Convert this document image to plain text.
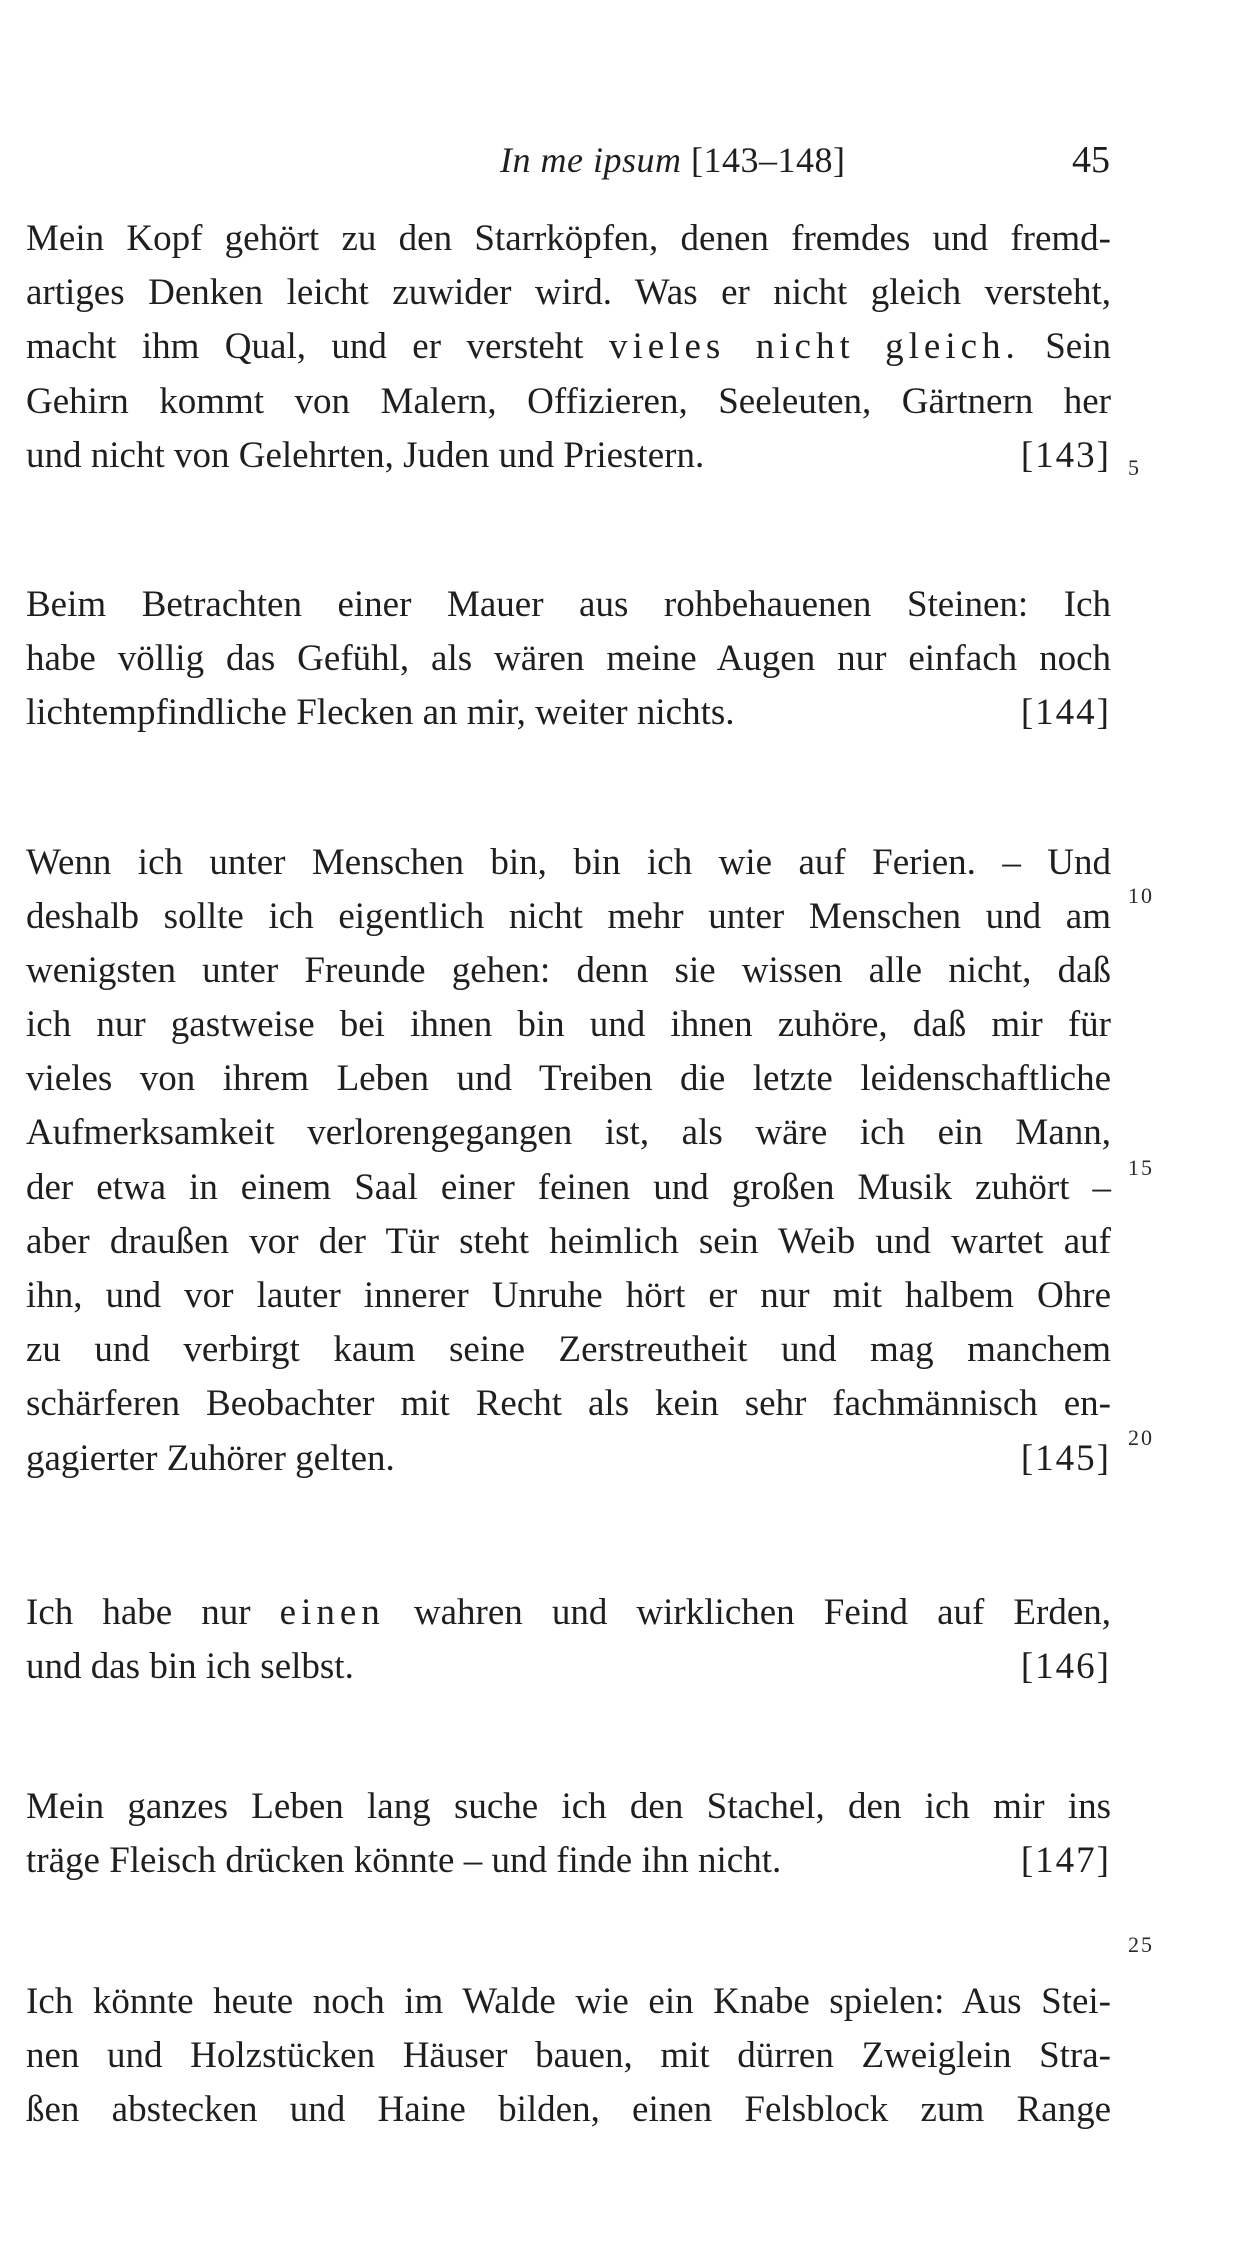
In me ipsum [143–148]	45
Mein Kopf gehört zu den Starrköpfen, denen fremdes und fremd-
artiges Denken leicht zuwider wird. Was er nicht gleich versteht,
macht ihm Qual, und er versteht vieles nicht gleich. Sein
Gehirn kommt von Malern, Offizieren, Seeleuten, Gärtnern her
und nicht von Gelehrten, Juden und Priestern.	[143]
Beim Betrachten einer Mauer aus rohbehauenen Steinen: Ich
habe völlig das Gefühl, als wären meine Augen nur einfach noch
lichtempfindliche Flecken an mir, weiter nichts.	[144]
Wenn ich unter Menschen bin, bin ich wie auf Ferien. – Und
deshalb sollte ich eigentlich nicht mehr unter Menschen und am
wenigsten unter Freunde gehen: denn sie wissen alle nicht, daß
ich nur gastweise bei ihnen bin und ihnen zuhöre, daß mir für
vieles von ihrem Leben und Treiben die letzte leidenschaftliche
Aufmerksamkeit verlorengegangen ist, als wäre ich ein Mann,
der etwa in einem Saal einer feinen und großen Musik zuhört –
aber draußen vor der Tür steht heimlich sein Weib und wartet auf
ihn, und vor lauter innerer Unruhe hört er nur mit halbem Ohre
zu und verbirgt kaum seine Zerstreutheit und mag manchem
schärferen Beobachter mit Recht als kein sehr fachmännisch en-
gagierter Zuhörer gelten.	[145]
Ich habe nur einen wahren und wirklichen Feind auf Erden,
und das bin ich selbst.	[146]
Mein ganzes Leben lang suche ich den Stachel, den ich mir ins
träge Fleisch drücken könnte – und finde ihn nicht.	[147]
Ich könnte heute noch im Walde wie ein Knabe spielen: Aus Stei-
nen und Holzstücken Häuser bauen, mit dürren Zweiglein Stra-
ßen abstecken und Haine bilden, einen Felsblock zum Range
5
10
15
20
25
